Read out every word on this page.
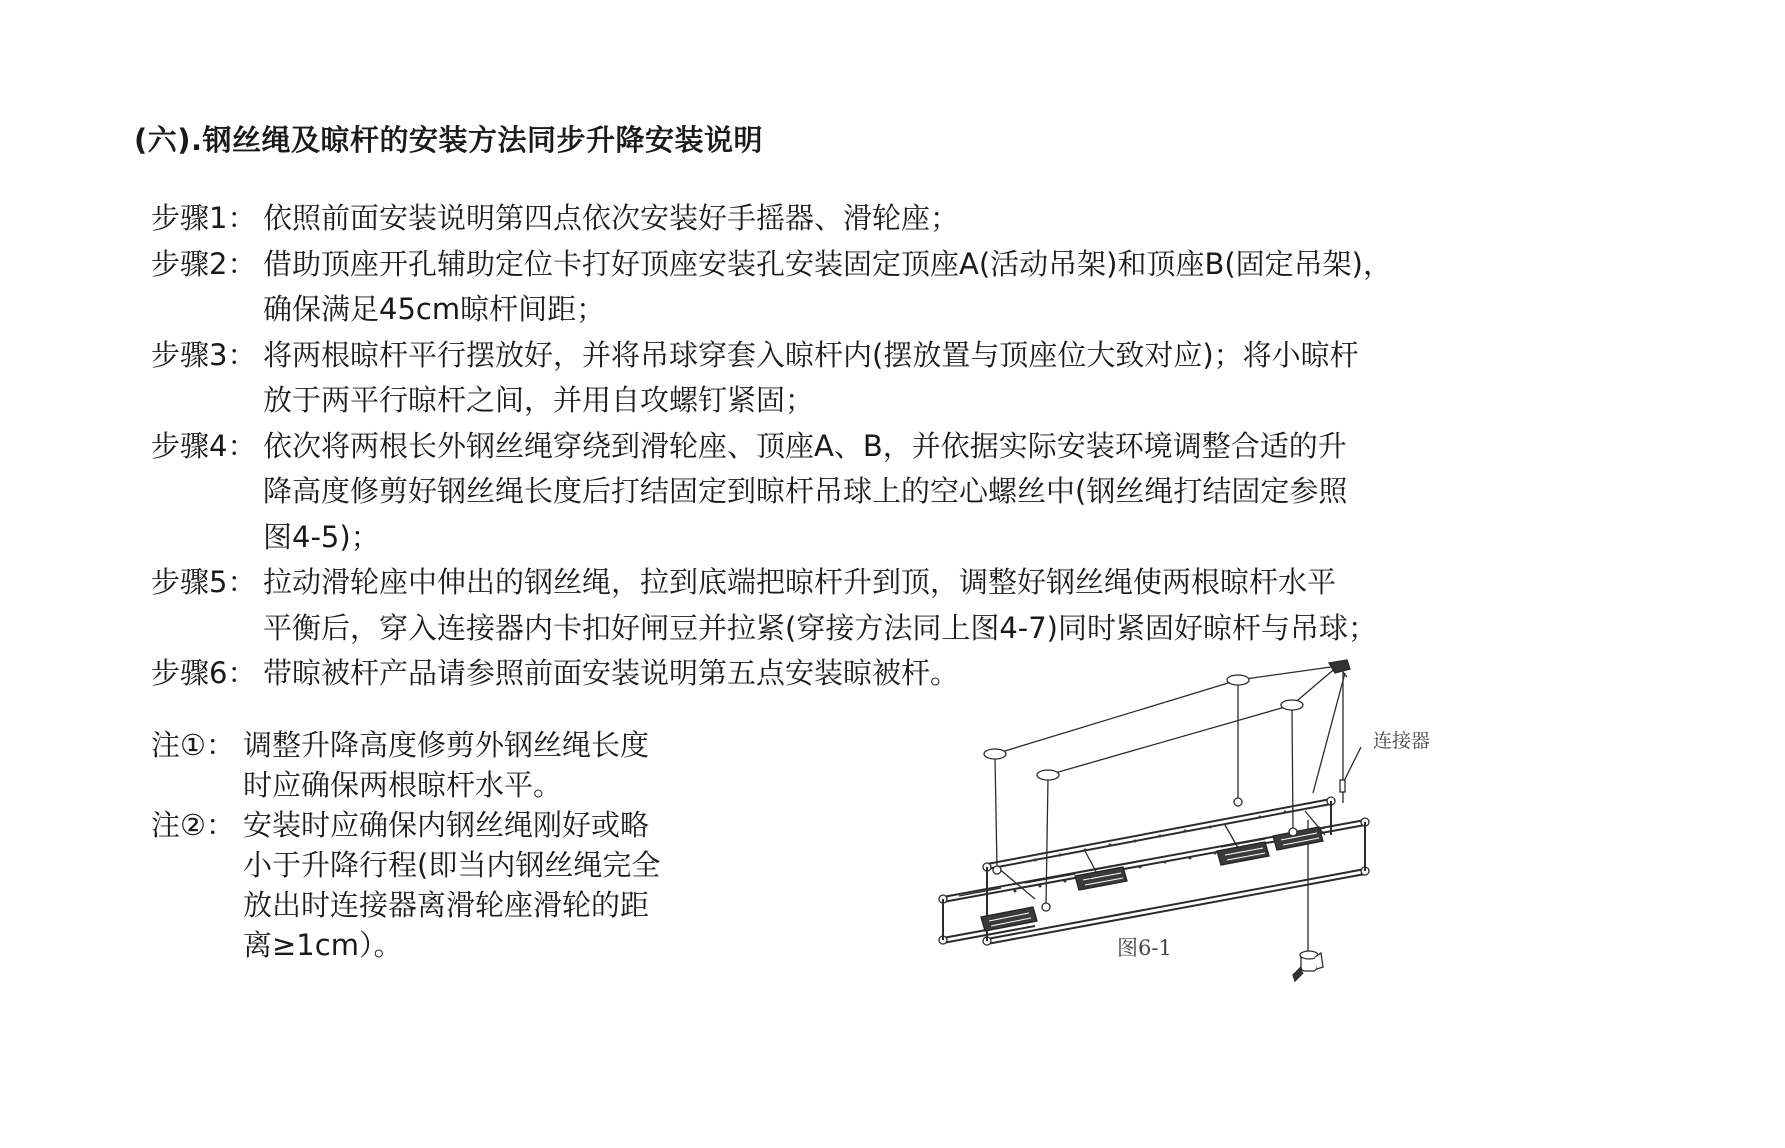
(六).钢丝绳及晾杆的安装方法同步升降安装说明
步骤1： 依照前面安装说明第四点依次安装好手摇器、滑轮座；
步骤2： 借助顶座开孔辅助定位卡打好顶座安装孔安装固定顶座A(活动吊架)和顶座B(固定吊架)，
确保满足45cm晾杆间距；
步骤3： 将两根晾杆平行摆放好，并将吊球穿套入晾杆内(摆放置与顶座位大致对应)；将小晾杆
放于两平行晾杆之间，并用自攻螺钉紧固；
步骤4： 依次将两根长外钢丝绳穿绕到滑轮座、顶座A、B，并依据实际安装环境调整合适的升
降高度修剪好钢丝绳长度后打结固定到晾杆吊球上的空心螺丝中(钢丝绳打结固定参照
图4-5)；
步骤5： 拉动滑轮座中伸出的钢丝绳，拉到底端把晾杆升到顶，调整好钢丝绳使两根晾杆水平
平衡后，穿入连接器内卡扣好闸豆并拉紧(穿接方法同上图4-7)同时紧固好晾杆与吊球；
步骤6： 带晾被杆产品请参照前面安装说明第五点安装晾被杆。
注①： 调整升降高度修剪外钢丝绳长度
时应确保两根晾杆水平。
注②： 安装时应确保内钢丝绳刚好或略
小于升降行程(即当内钢丝绳完全
放出时连接器离滑轮座滑轮的距
离≥1cm）。
连接器
图6-1
